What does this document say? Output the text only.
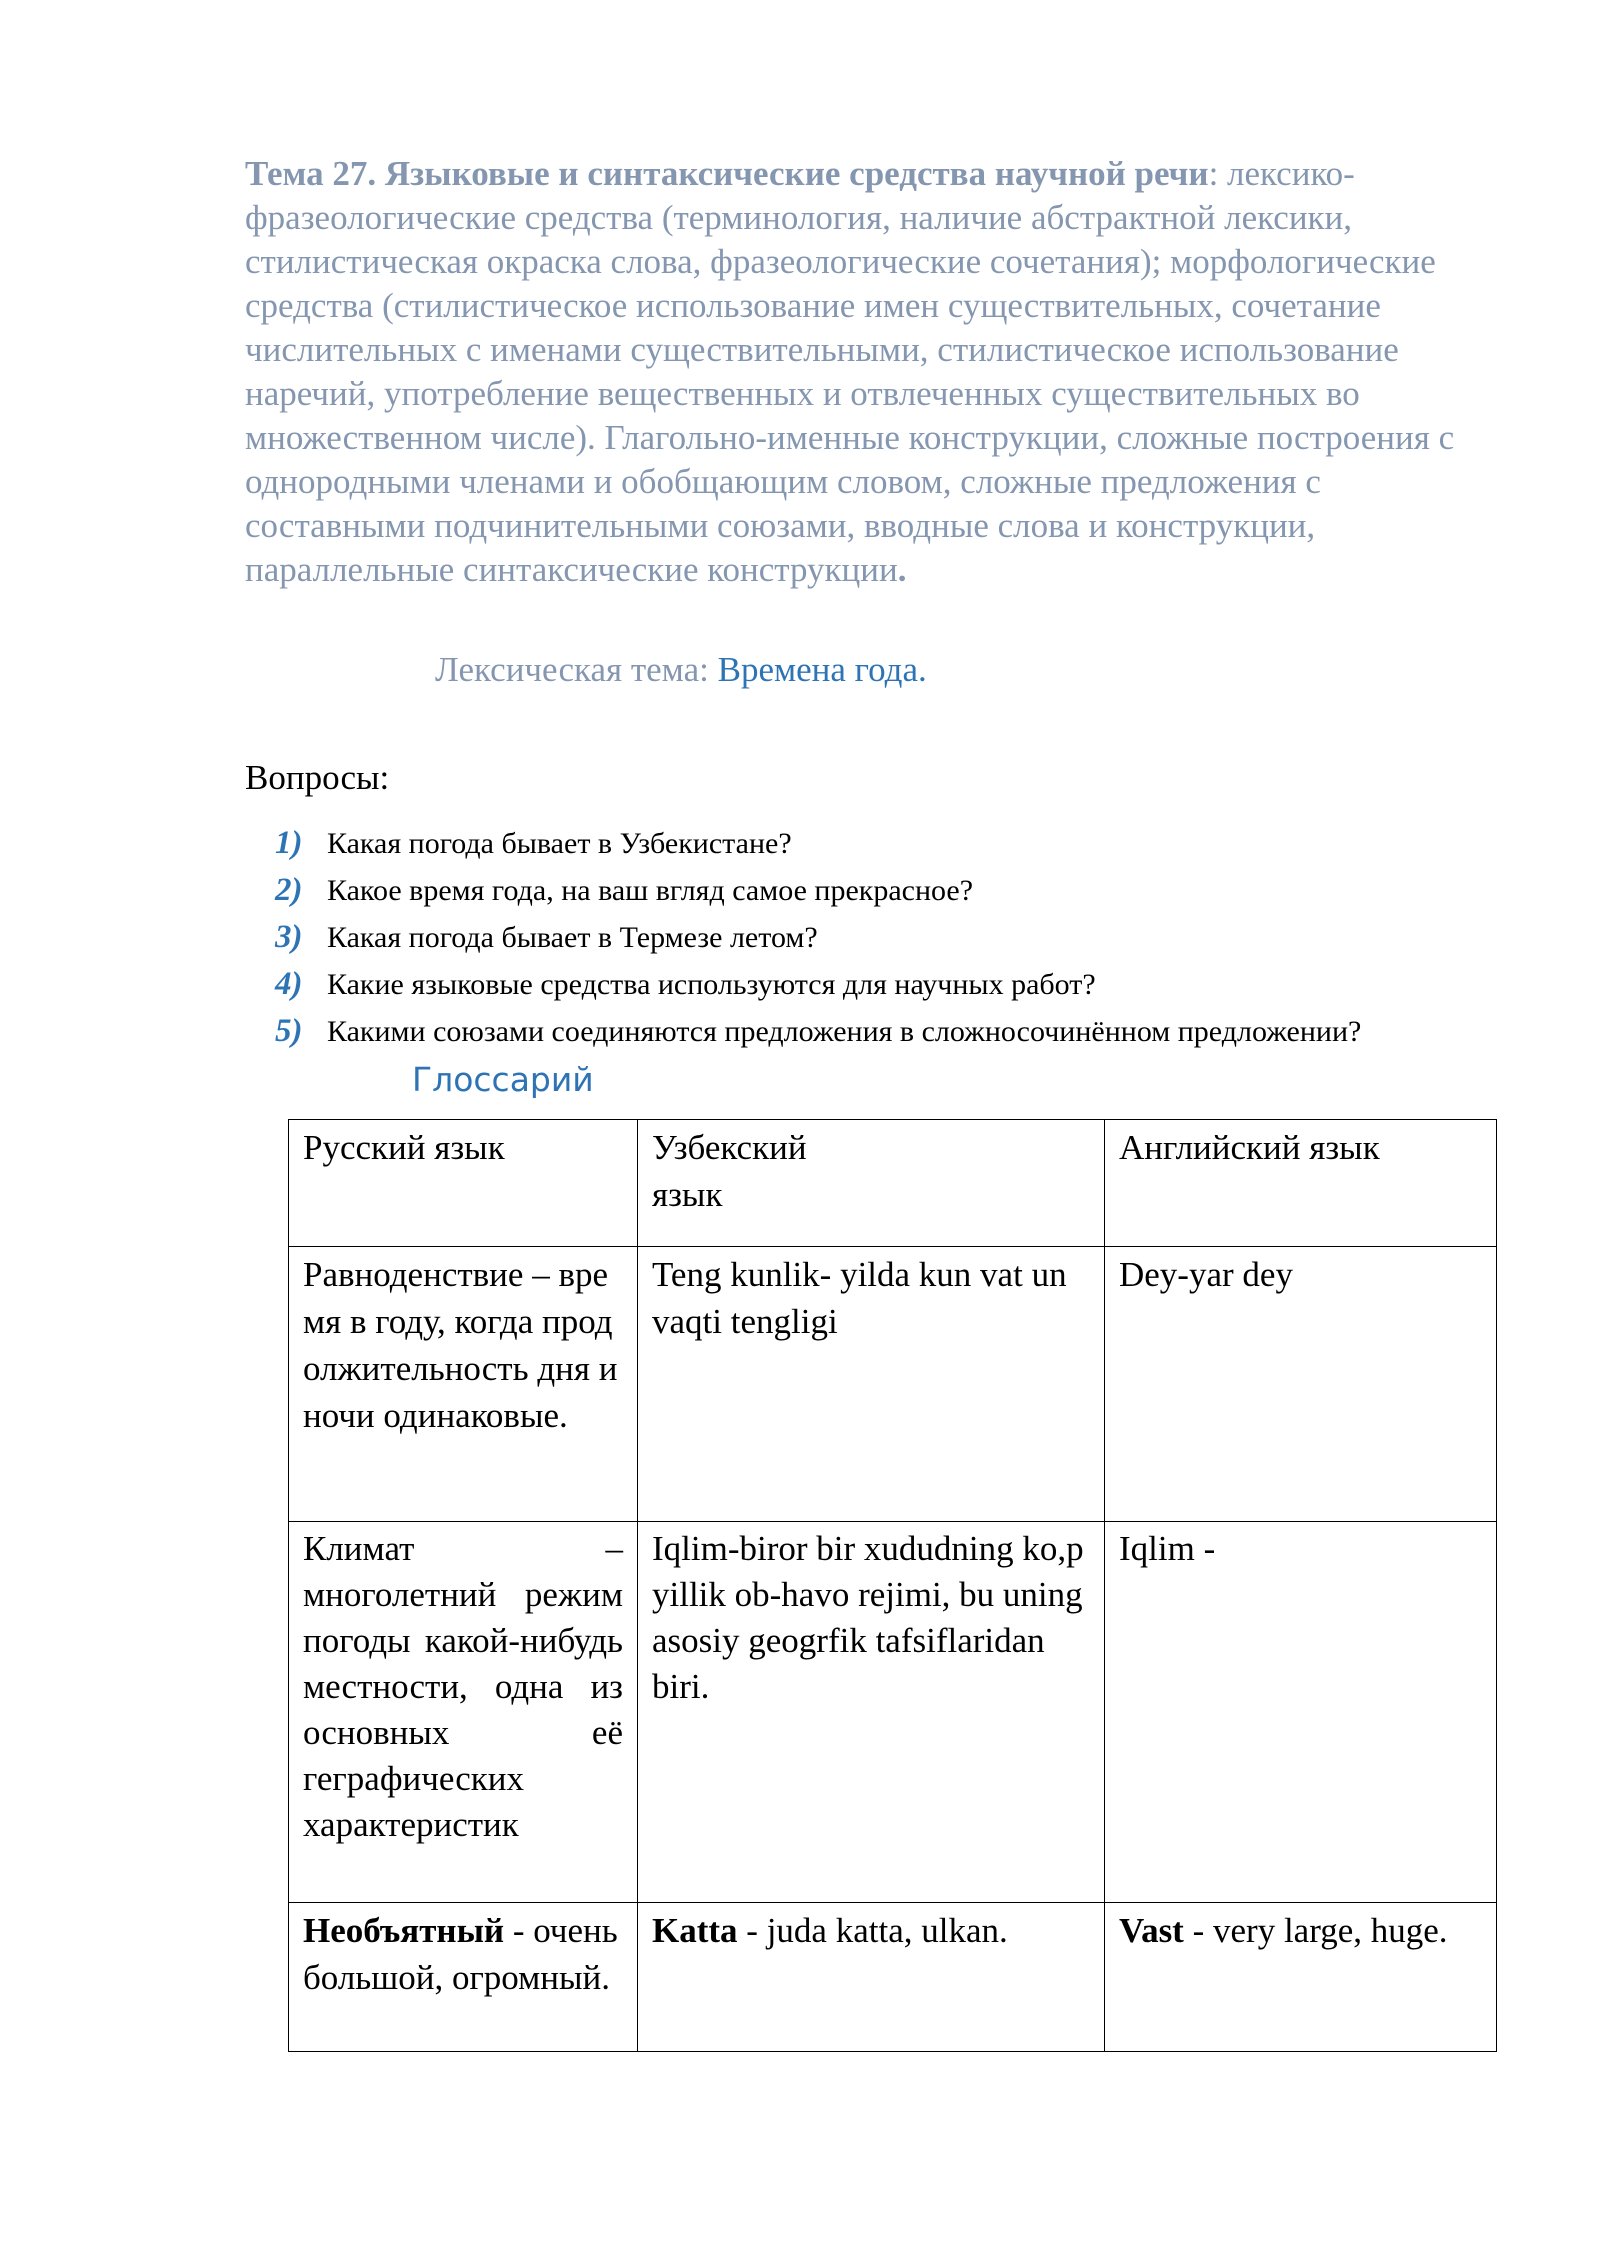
Тема 27. Языковые и синтаксические средства научной речи: лексико-фразеологические средства (терминология, наличие абстрактной лексики, стилистическая окраска слова, фразеологические сочетания); морфологические средства (стилистическое использование имен существительных, сочетание числительных с именами существительными, стилистическое использование наречий, употребление вещественных и отвлеченных существительных во множественном числе). Глагольно-именные конструкции, сложные построения с однородными членами и обобщающим словом, сложные предложения с составными подчинительными союзами, вводные слова и конструкции, параллельные синтаксические конструкции.

Лексическая тема: Времена года.
Вопросы:
1) Какая погода бывает в Узбекистане?
2) Какое время года, на ваш вгляд самое прекрасное?
3) Какая погода бывает в Термезе летом?
4) Какие языковые средства используются для научных работ?
5) Какими союзами соединяются предложения в сложносочинённом предложении?
Глоссарий
Русский язык	Узбекский язык	Английский язык
Равноденствие – время в году, когда продолжительность дня и ночи одинаковые.	Teng kunlik- yilda kun vat un vaqti tengligi	Dey-yar dey
Климат – многолетний режим погоды какой-нибудь местности, одна из основных её геграфических характеристик	Iqlim-biror bir xududning ko,p yillik ob-havo rejimi, bu uning asosiy geogrfik tafsiflaridan biri.	Iqlim -
Необъятный - очень большой, огромный.	Katta - juda katta, ulkan.	Vast - very large, huge.
